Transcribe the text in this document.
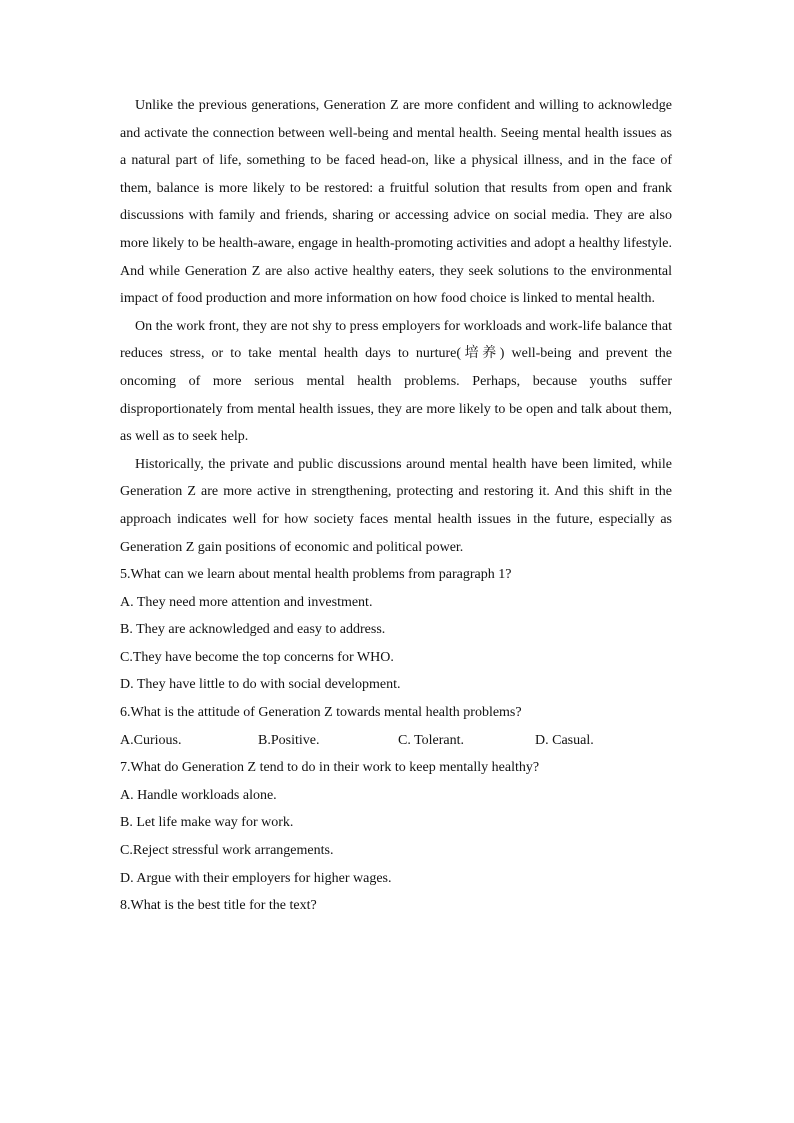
Unlike the previous generations, Generation Z are more confident and willing to acknowledge and activate the connection between well-being and mental health. Seeing mental health issues as a natural part of life, something to be faced head-on, like a physical illness, and in the face of them, balance is more likely to be restored: a fruitful solution that results from open and frank discussions with family and friends, sharing or accessing advice on social media. They are also more likely to be health-aware, engage in health-promoting activities and adopt a healthy lifestyle. And while Generation Z are also active healthy eaters, they seek solutions to the environmental impact of food production and more information on how food choice is linked to mental health.

On the work front, they are not shy to press employers for workloads and work-life balance that reduces stress, or to take mental health days to nurture(培养) well-being and prevent the oncoming of more serious mental health problems. Perhaps, because youths suffer disproportionately from mental health issues, they are more likely to be open and talk about them, as well as to seek help.

Historically, the private and public discussions around mental health have been limited, while Generation Z are more active in strengthening, protecting and restoring it. And this shift in the approach indicates well for how society faces mental health issues in the future, especially as Generation Z gain positions of economic and political power.

5.What can we learn about mental health problems from paragraph 1?

A. They need more attention and investment.

B. They are acknowledged and easy to address.

C.They have become the top concerns for WHO.

D. They have little to do with social development.

6.What is the attitude of Generation Z towards mental health problems?

A.Curious.	B.Positive.	C. Tolerant.	D. Casual.

7.What do Generation Z tend to do in their work to keep mentally healthy?

A. Handle workloads alone.

B. Let life make way for work.

C.Reject stressful work arrangements.

D. Argue with their employers for higher wages.

8.What is the best title for the text?
